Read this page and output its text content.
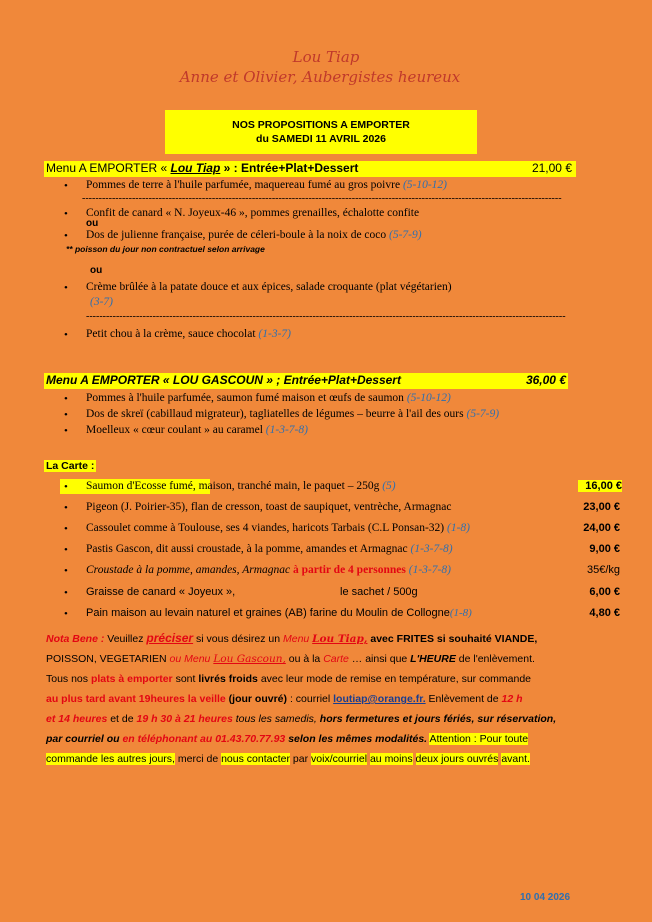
Lou Tiap
Anne et Olivier, Aubergistes heureux
NOS PROPOSITIONS A EMPORTER
du SAMEDI 11 AVRIL 2026
Menu A EMPORTER « Lou Tiap » : Entrée+Plat+Dessert	21,00 €
• Pommes de terre à l'huile parfumée, maquereau fumé au gros poivre (5-10-12)
------------------------------------------------------------------------------------------------------------------------------------------------
• Confit de canard « N. Joyeux-46 », pommes grenailles, échalotte confite
ou
• Dos de julienne française, purée de céleri-boule à la noix de coco (5-7-9)
** poisson du jour non contractuel selon arrivage
ou
• Crème brûlée à la patate douce et aux épices, salade croquante (plat végétarien)
(3-7)
------------------------------------------------------------------------------------------------------------------------------------------------
• Petit chou à la crème, sauce chocolat (1-3-7)
Menu A EMPORTER « LOU GASCOUN » ; Entrée+Plat+Dessert	36,00 €
• Pommes à l'huile parfumée, saumon fumé maison et œufs de saumon (5-10-12)
• Dos de skreï (cabillaud migrateur), tagliatelles de légumes – beurre à l'ail des ours (5-7-9)
• Moelleux « cœur coulant » au caramel (1-3-7-8)
La Carte :
• Saumon d'Ecosse fumé, maison, tranché main, le paquet – 250g (5)	16,00 €
• Pigeon (J. Poirier-35), flan de cresson, toast de saupiquet, ventrèche, Armagnac	23,00 €
• Cassoulet comme à Toulouse, ses 4 viandes, haricots Tarbais (C.L Ponsan-32) (1-8)	24,00 €
• Pastis Gascon, dit aussi croustade, à la pomme, amandes et Armagnac (1-3-7-8)	9,00 €
• Croustade à la pomme, amandes, Armagnac à partir de 4 personnes (1-3-7-8)	35€/kg
• Graisse de canard « Joyeux »,	le sachet / 500g	6,00 €
• Pain maison au levain naturel et graines (AB) farine du Moulin de Collogne(1-8)	4,80 €
Nota Bene : Veuillez préciser si vous désirez un Menu Lou Tiap, avec FRITES si souhaité VIANDE,
POISSON, VEGETARIEN ou Menu Lou Gascoun, ou à la Carte … ainsi que L'HEURE de l'enlèvement.
Tous nos plats à emporter sont livrés froids avec leur mode de remise en température, sur commande
au plus tard avant 19heures la veille (jour ouvré) : courriel loutiap@orange.fr. Enlèvement de 12 h
et 14 heures et de 19 h 30 à 21 heures tous les samedis, hors fermetures et jours fériés, sur réservation,
par courriel ou en téléphonant au 01.43.70.77.93 selon les mêmes modalités. Attention : Pour toute
commande les autres jours, merci de nous contacter par voix/courriel au moins deux jours ouvrés avant.
10 04 2026
